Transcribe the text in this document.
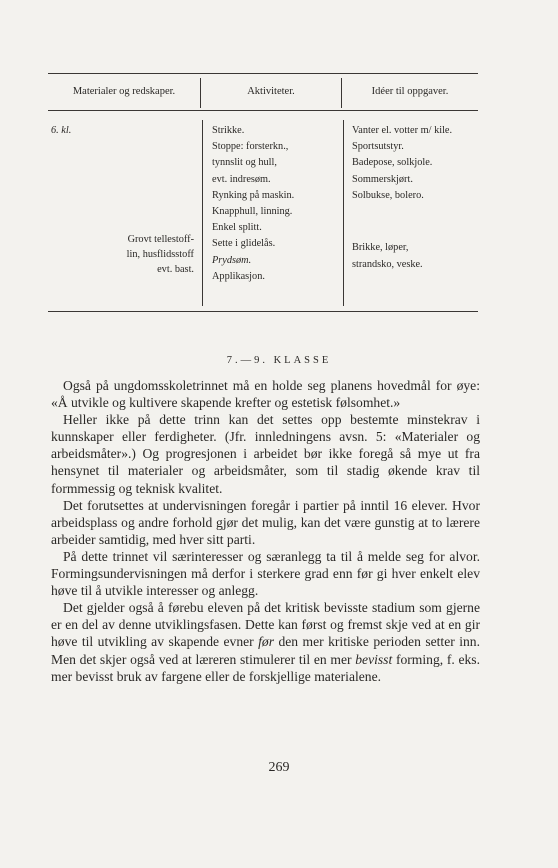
Materialer og redskaper.	Aktiviteter.	Idéer til oppgaver.
6. kl.
Grovt tellestoff-
lin, husflidsstoff
evt. bast.
Strikke.
Stoppe: forsterkn.,
tynnslit og hull,
evt. indresøm.
Rynking på maskin.
Knapphull, linning.
Enkel splitt.
Sette i glidelås.
Prydsøm.
Applikasjon.
Vanter el. votter m/ kile.
Sportsutstyr.
Badepose, solkjole.
Sommerskjørt.
Solbukse, bolero.
Brikke, løper,
strandsko, veske.
7.—9. KLASSE

Også på ungdomsskoletrinnet må en holde seg planens hovedmål for øye: «Å utvikle og kultivere skapende krefter og estetisk følsomhet.»

Heller ikke på dette trinn kan det settes opp bestemte minstekrav i kunnskaper eller ferdigheter. (Jfr. innledningens avsn. 5: «Materialer og arbeidsmåter».) Og progresjonen i arbeidet bør ikke foregå så mye ut fra hensynet til materialer og arbeidsmåter, som til stadig økende krav til formmessig og teknisk kvalitet.

Det forutsettes at undervisningen foregår i partier på inntil 16 elever. Hvor arbeidsplass og andre forhold gjør det mulig, kan det være gunstig at to lærere arbeider samtidig, med hver sitt parti.

På dette trinnet vil særinteresser og særanlegg ta til å melde seg for alvor. Formingsundervisningen må derfor i sterkere grad enn før gi hver enkelt elev høve til å utvikle interesser og anlegg.

Det gjelder også å førebu eleven på det kritisk bevisste stadium som gjerne er en del av denne utviklingsfasen. Dette kan først og fremst skje ved at en gir høve til utvikling av skapende evner før den mer kritiske perioden setter inn. Men det skjer også ved at læreren stimulerer til en mer bevisst forming, f. eks. mer bevisst bruk av fargene eller de forskjellige materialene.

269
